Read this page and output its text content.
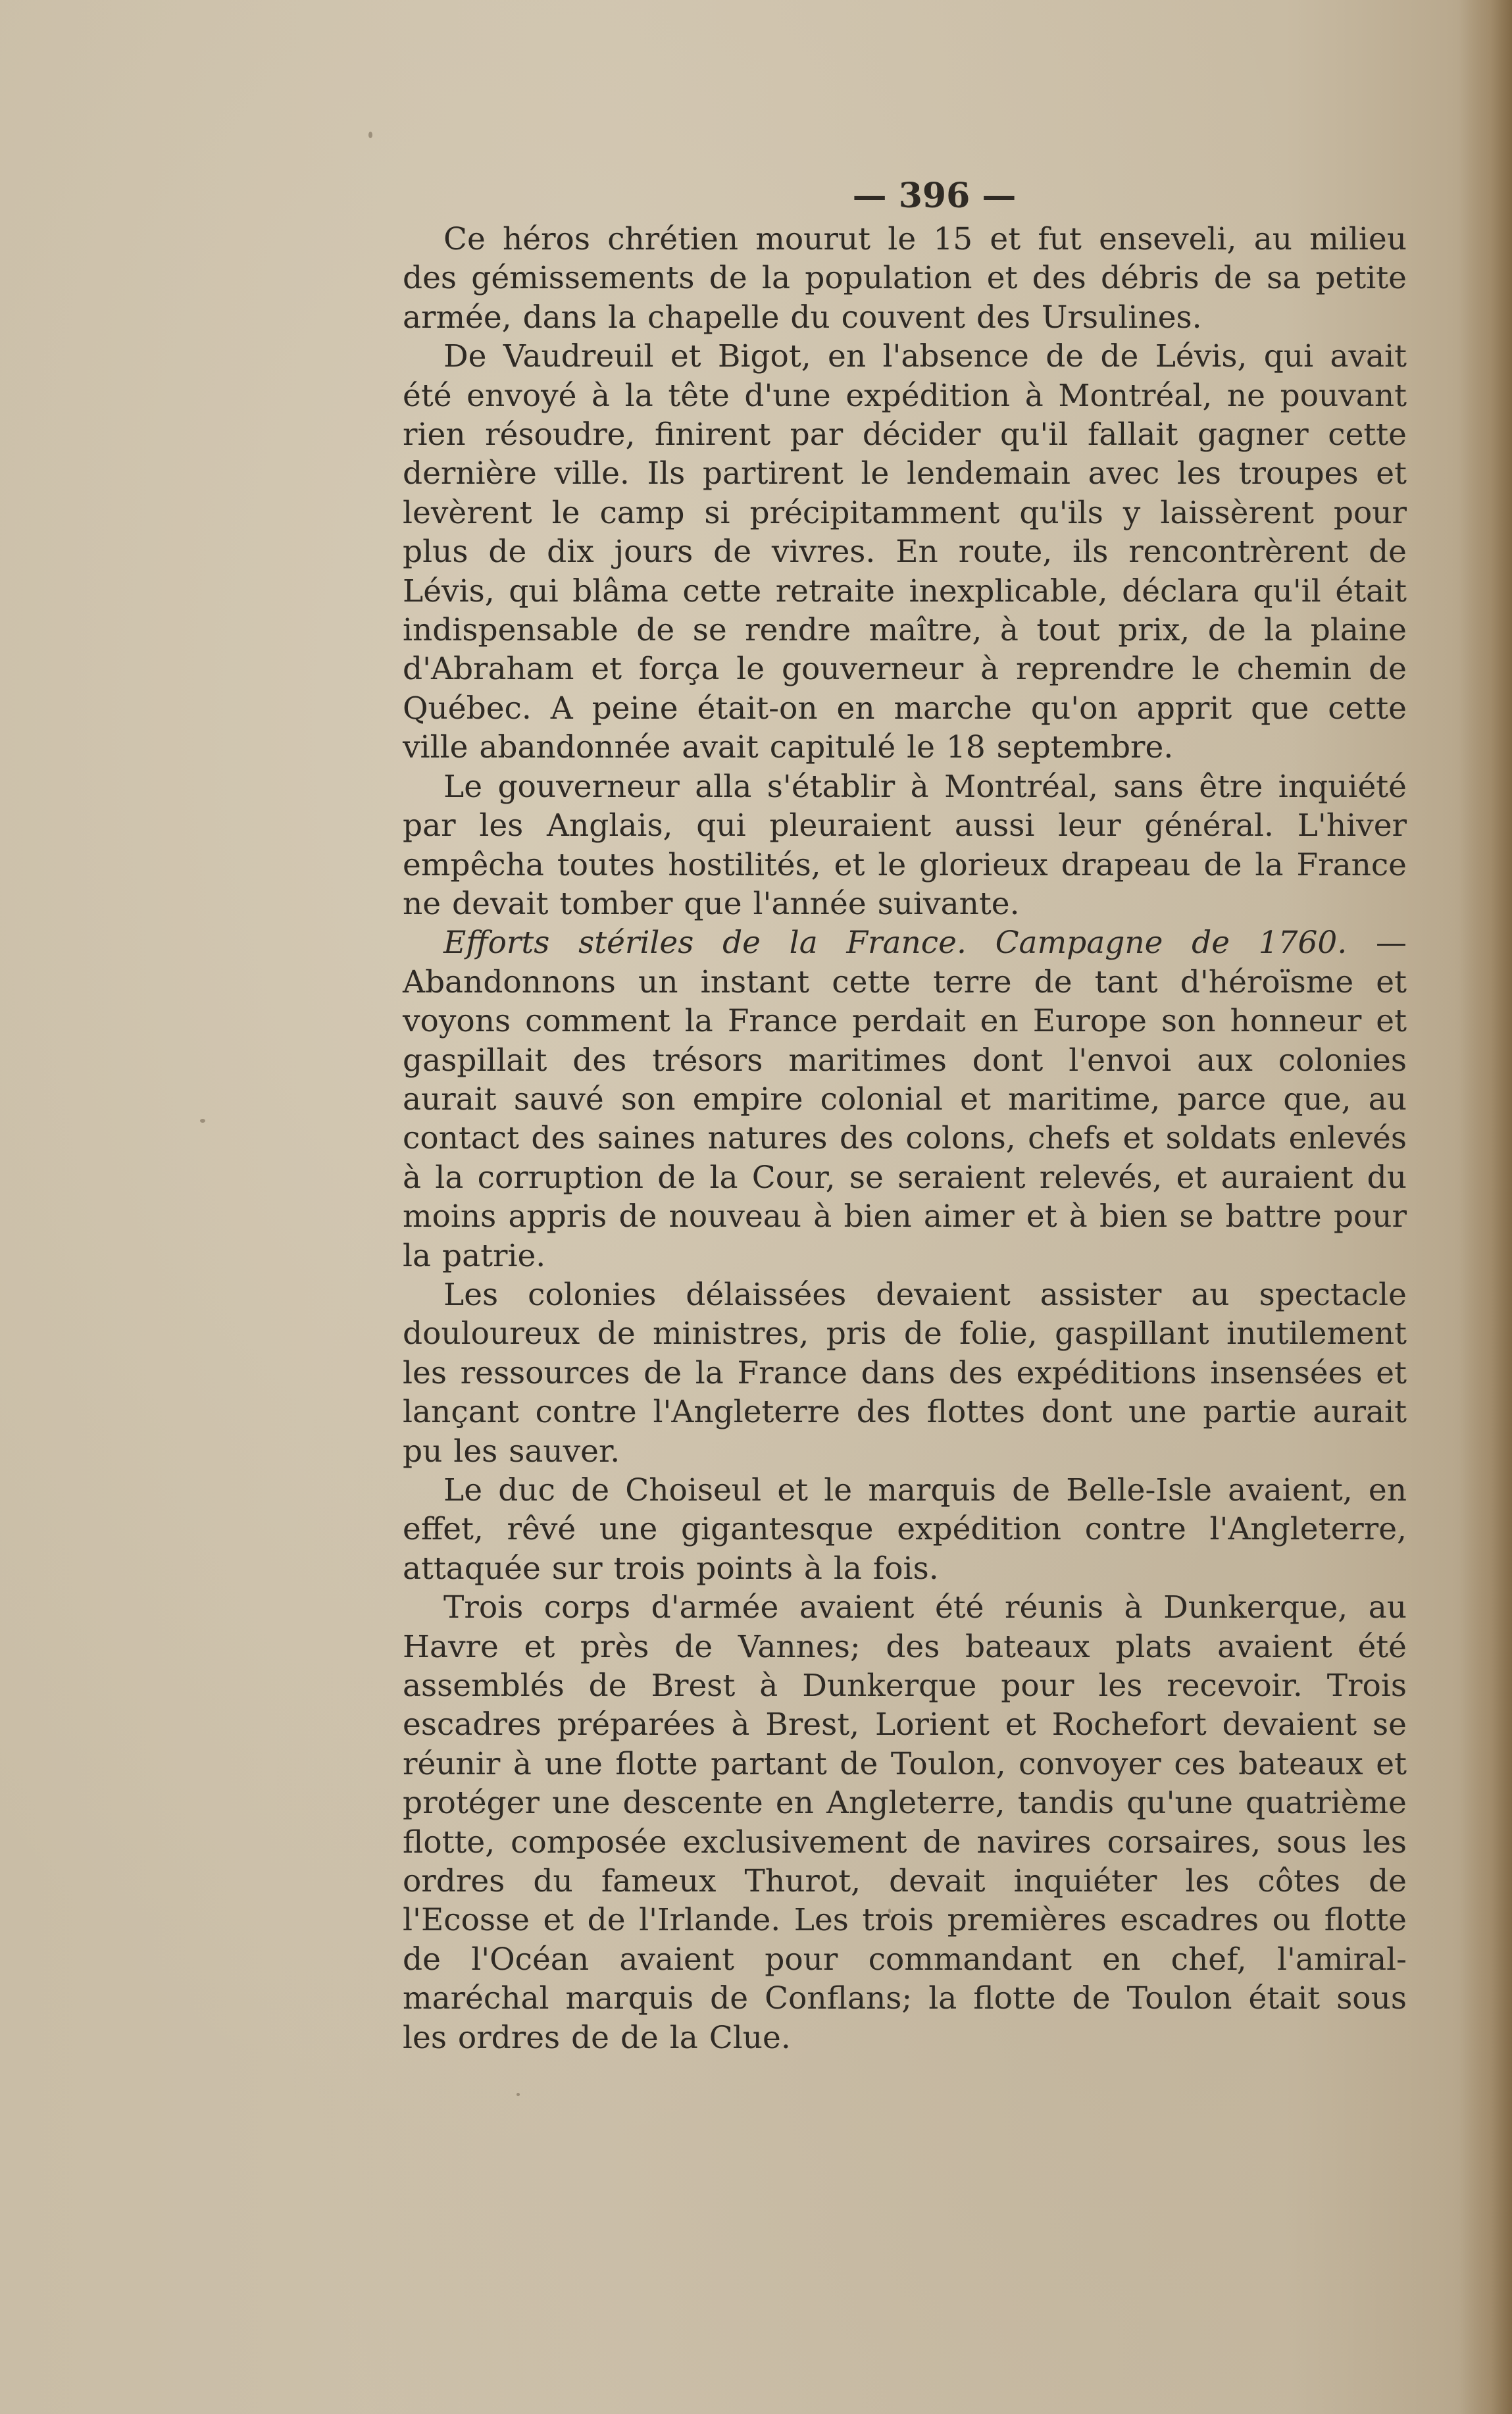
— 396 —

Ce héros chrétien mourut le 15 et fut enseveli, au milieu des gémissements de la population et des débris de sa petite armée, dans la chapelle du couvent des Ursulines.

De Vaudreuil et Bigot, en l'absence de de Lévis, qui avait été envoyé à la tête d'une expédition à Montréal, ne pouvant rien résoudre, finirent par décider qu'il fallait gagner cette dernière ville. Ils partirent le lendemain avec les troupes et levèrent le camp si précipitamment qu'ils y laissèrent pour plus de dix jours de vivres. En route, ils rencontrèrent de Lévis, qui blâma cette retraite inexplicable, déclara qu'il était indispensable de se rendre maître, à tout prix, de la plaine d'Abraham et força le gouverneur à reprendre le chemin de Québec. A peine était-on en marche qu'on apprit que cette ville abandonnée avait capitulé le 18 septembre.

Le gouverneur alla s'établir à Montréal, sans être inquiété par les Anglais, qui pleuraient aussi leur général. L'hiver empêcha toutes hostilités, et le glorieux drapeau de la France ne devait tomber que l'année suivante.

Efforts stériles de la France. Campagne de 1760. — Abandonnons un instant cette terre de tant d'héroïsme et voyons comment la France perdait en Europe son honneur et gaspillait des trésors maritimes dont l'envoi aux colonies aurait sauvé son empire colonial et maritime, parce que, au contact des saines natures des colons, chefs et soldats enlevés à la corruption de la Cour, se seraient relevés, et auraient du moins appris de nouveau à bien aimer et à bien se battre pour la patrie.

Les colonies délaissées devaient assister au spectacle douloureux de ministres, pris de folie, gaspillant inutilement les ressources de la France dans des expéditions insensées et lançant contre l'Angleterre des flottes dont une partie aurait pu les sauver.

Le duc de Choiseul et le marquis de Belle-Isle avaient, en effet, rêvé une gigantesque expédition contre l'Angleterre, attaquée sur trois points à la fois.

Trois corps d'armée avaient été réunis à Dunkerque, au Havre et près de Vannes; des bateaux plats avaient été assemblés de Brest à Dunkerque pour les recevoir. Trois escadres préparées à Brest, Lorient et Rochefort devaient se réunir à une flotte partant de Toulon, convoyer ces bateaux et protéger une descente en Angleterre, tandis qu'une quatrième flotte, composée exclusivement de navires corsaires, sous les ordres du fameux Thurot, devait inquiéter les côtes de l'Ecosse et de l'Irlande. Les trois premières escadres ou flotte de l'Océan avaient pour commandant en chef, l'amiral-maréchal marquis de Conflans; la flotte de Toulon était sous les ordres de de la Clue.
